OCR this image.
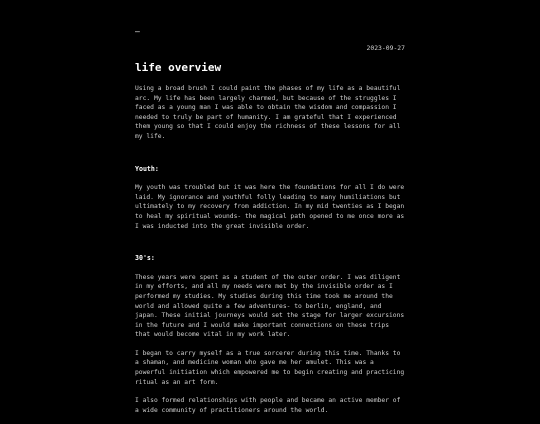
—
2023-09-27
life overview

Using a broad brush I could paint the phases of my life as a beautiful arc. My life has been largely charmed, but because of the struggles I faced as a young man I was able to obtain the wisdom and compassion I needed to truly be part of humanity. I am grateful that I experienced them young so that I could enjoy the richness of these lessons for all my life.

Youth:

My youth was troubled but it was here the foundations for all I do were laid. My ignorance and youthful folly leading to many humiliations but ultimately to my recovery from addiction. In my mid twenties as I began to heal my spiritual wounds- the magical path opened to me once more as I was inducted into the great invisible order.

30's:

These years were spent as a student of the outer order. I was diligent in my efforts, and all my needs were met by the invisible order as I performed my studies. My studies during this time took me around the world and allowed quite a few adventures- to berlin, england, and japan. These initial journeys would set the stage for larger excursions in the future and I would make important connections on these trips that would become vital in my work later.

I began to carry myself as a true sorcerer during this time. Thanks to a shaman, and medicine woman who gave me her amulet. This was a powerful initiation which empowered me to begin creating and practicing ritual as an art form.

I also formed relationships with people and became an active member of a wide community of practitioners around the world.
